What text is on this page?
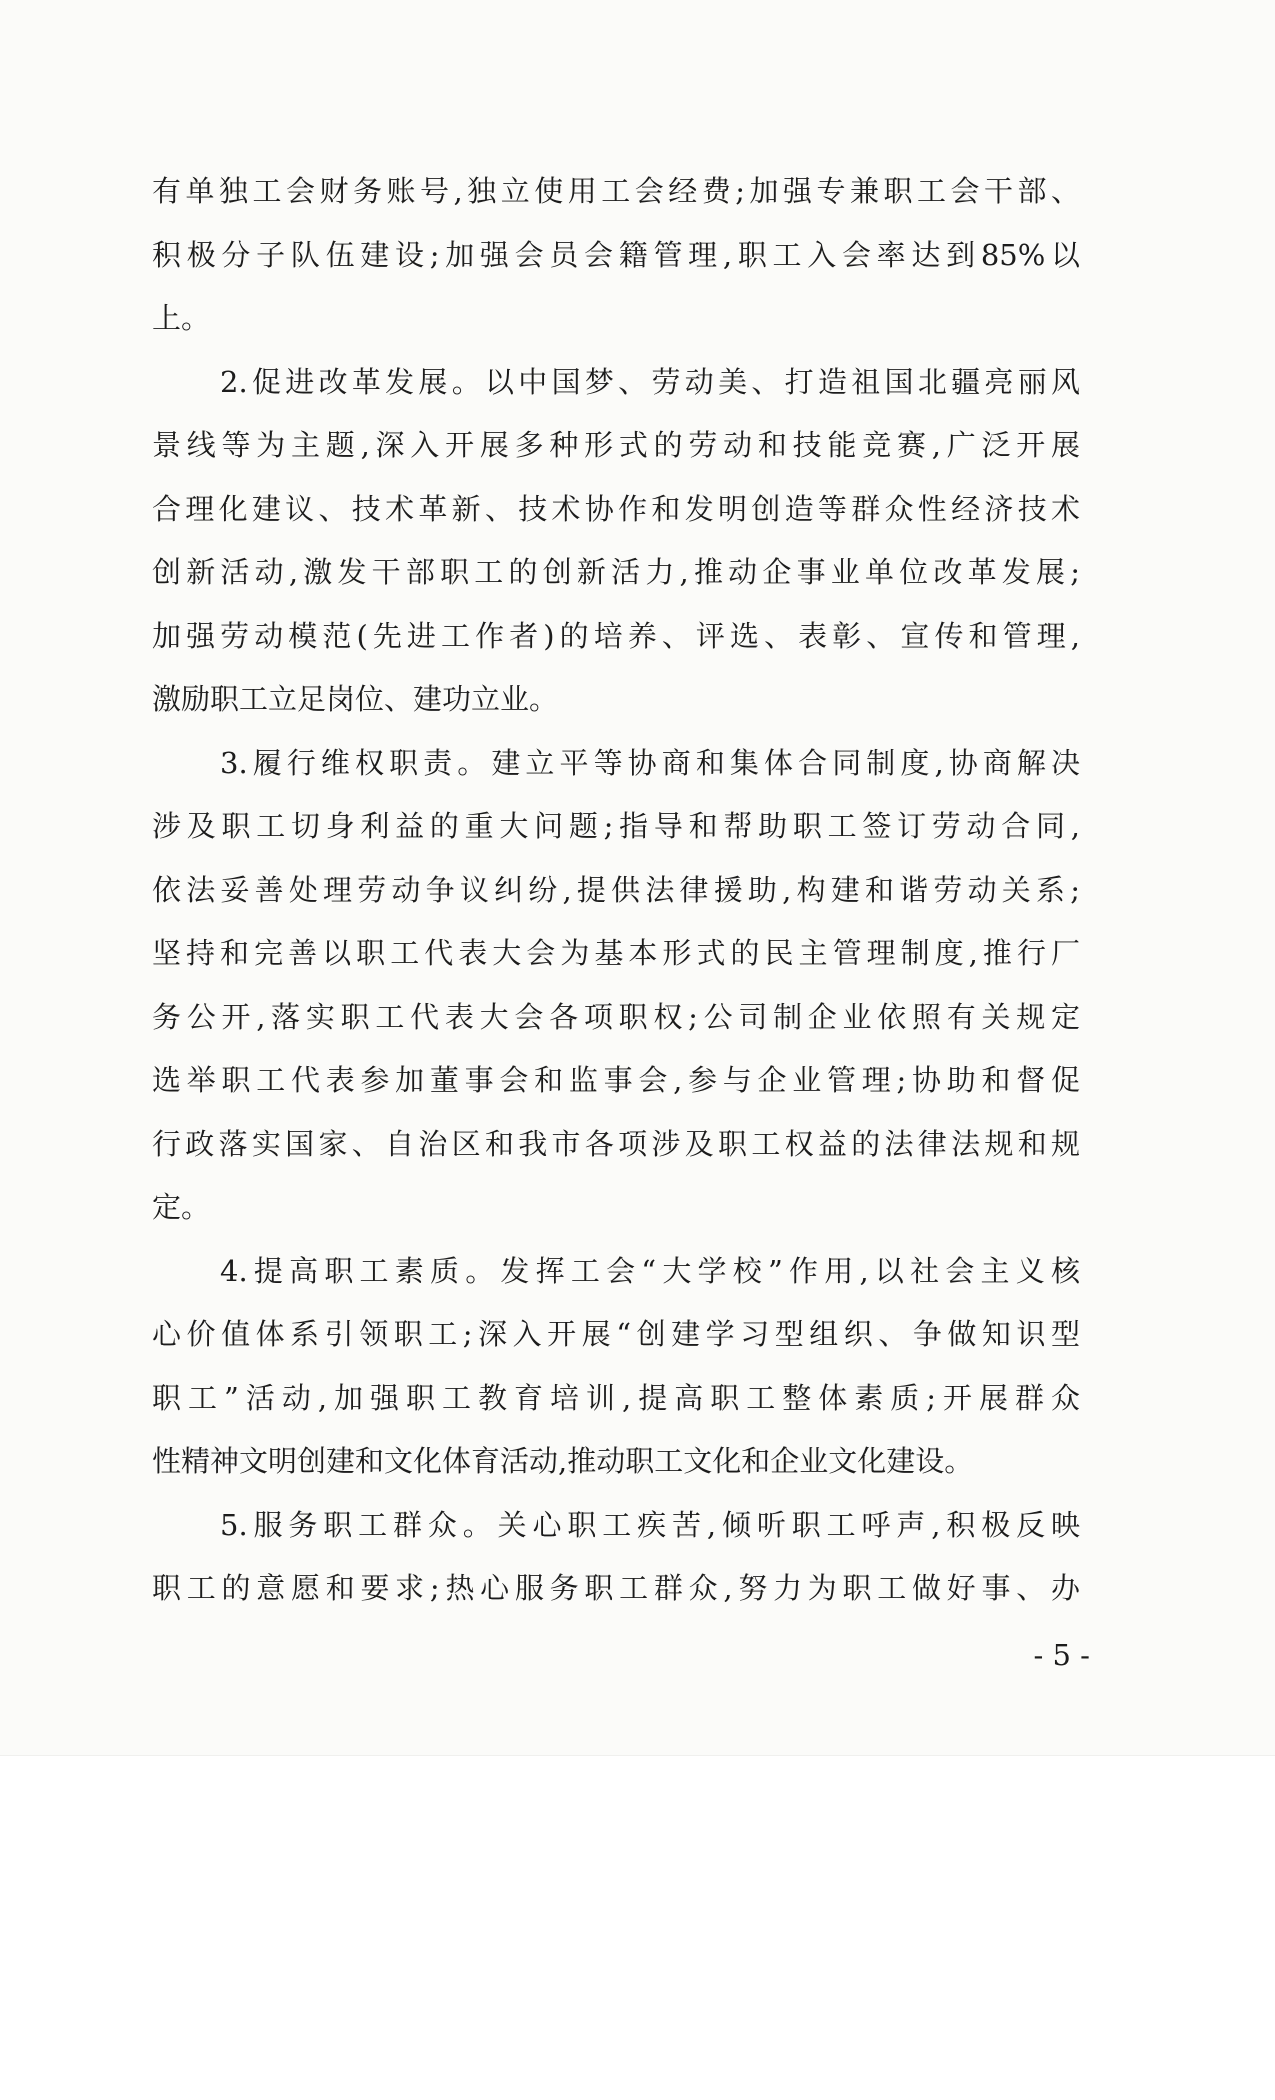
有单独工会财务账号,独立使用工会经费;加强专兼职工会干部、
积极分子队伍建设;加强会员会籍管理,职工入会率达到85%以
上。
2.促进改革发展。以中国梦、劳动美、打造祖国北疆亮丽风
景线等为主题,深入开展多种形式的劳动和技能竞赛,广泛开展
合理化建议、技术革新、技术协作和发明创造等群众性经济技术
创新活动,激发干部职工的创新活力,推动企事业单位改革发展;
加强劳动模范(先进工作者)的培养、评选、表彰、宣传和管理,
激励职工立足岗位、建功立业。
3.履行维权职责。建立平等协商和集体合同制度,协商解决
涉及职工切身利益的重大问题;指导和帮助职工签订劳动合同,
依法妥善处理劳动争议纠纷,提供法律援助,构建和谐劳动关系;
坚持和完善以职工代表大会为基本形式的民主管理制度,推行厂
务公开,落实职工代表大会各项职权;公司制企业依照有关规定
选举职工代表参加董事会和监事会,参与企业管理;协助和督促
行政落实国家、自治区和我市各项涉及职工权益的法律法规和规
定。
4.提高职工素质。发挥工会“大学校”作用,以社会主义核
心价值体系引领职工;深入开展“创建学习型组织、争做知识型
职工”活动,加强职工教育培训,提高职工整体素质;开展群众
性精神文明创建和文化体育活动,推动职工文化和企业文化建设。
5.服务职工群众。关心职工疾苦,倾听职工呼声,积极反映
职工的意愿和要求;热心服务职工群众,努力为职工做好事、办
- 5 -
